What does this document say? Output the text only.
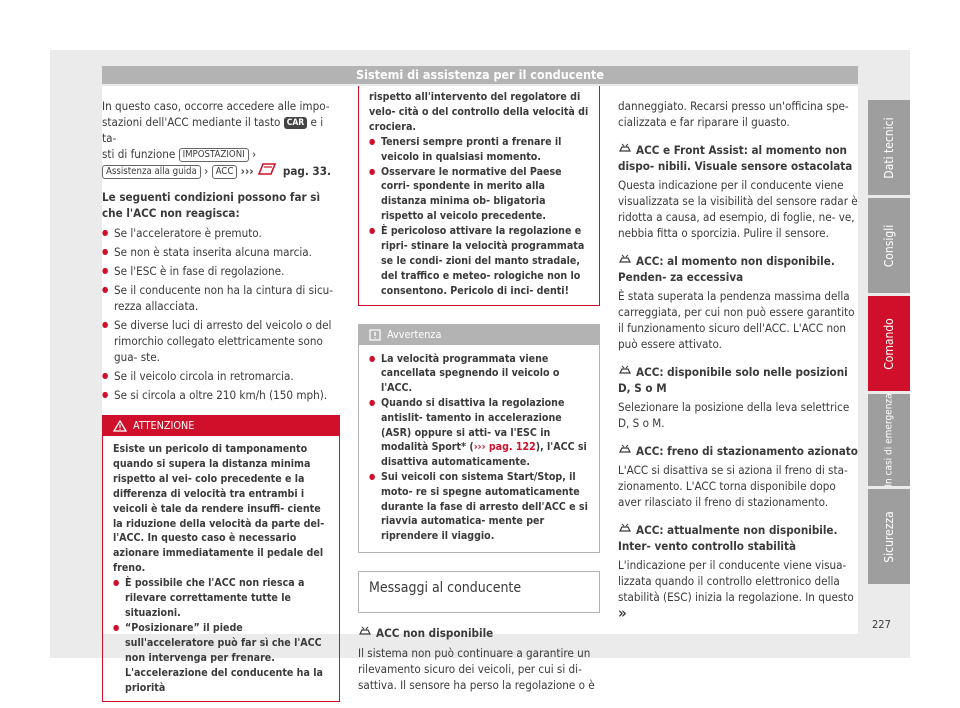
Sistemi di assistenza per il conducente

In questo caso, occorre accedere alle impo-
stazioni dell'ACC mediante il tasto CAR e i ta-
sti di funzione IMPOSTAZIONI ›
Assistenza alla guida › ACC ›››	pag. 33.

Le seguenti condizioni possono far sì che l'ACC non reagisca:

● Se l'acceleratore è premuto.

● Se non è stata inserita alcuna marcia.

● Se l'ESC è in fase di regolazione.

● Se il conducente non ha la cintura di sicu- rezza allacciata.

● Se diverse luci di arresto del veicolo o del rimorchio collegato elettricamente sono gua- ste.

● Se il veicolo circola in retromarcia.

● Se si circola a oltre 210 km/h (150 mph).

ATTENZIONE

Esiste un pericolo di tamponamento quando si supera la distanza minima rispetto al vei- colo precedente e la differenza di velocità tra entrambi i veicoli è tale da rendere insuffi- ciente la riduzione della velocità da parte del- l'ACC. In questo caso è necessario azionare immediatamente il pedale del freno.

● È possibile che l'ACC non riesca a rilevare correttamente tutte le situazioni.

● “Posizionare” il piede sull'acceleratore può far sì che l'ACC non intervenga per frenare. L'accelerazione del conducente ha la priorità

rispetto all'intervento del regolatore di velo- cità o del controllo della velocità di crociera.

● Tenersi sempre pronti a frenare il veicolo in qualsiasi momento.

● Osservare le normative del Paese corri- spondente in merito alla distanza minima ob- bligatoria rispetto al veicolo precedente.

● È pericoloso attivare la regolazione e ripri- stinare la velocità programmata se le condi- zioni del manto stradale, del traffico e meteo- rologiche non lo consentono. Pericolo di inci- denti!

Avvertenza

● La velocità programmata viene cancellata spegnendo il veicolo o l'ACC.

● Quando si disattiva la regolazione antislit- tamento in accelerazione (ASR) oppure si atti- va l'ESC in modalità Sport* (››› pag. 122), l'ACC si disattiva automaticamente.

● Sui veicoli con sistema Start/Stop, il moto- re si spegne automaticamente durante la fase di arresto dell'ACC e si riavvia automatica- mente per riprendere il viaggio.

Messaggi al conducente

ACC non disponibile

Il sistema non può continuare a garantire un rilevamento sicuro dei veicoli, per cui si di- sattiva. Il sensore ha perso la regolazione o è

danneggiato. Recarsi presso un'officina spe- cializzata e far riparare il guasto.

ACC e Front Assist: al momento non dispo- nibili. Visuale sensore ostacolata

Questa indicazione per il conducente viene visualizzata se la visibilità del sensore radar è ridotta a causa, ad esempio, di foglie, ne- ve, nebbia fitta o sporcizia. Pulire il sensore.

ACC: al momento non disponibile. Penden- za eccessiva

È stata superata la pendenza massima della carreggiata, per cui non può essere garantito il funzionamento sicuro dell'ACC. L'ACC non può essere attivato.

ACC: disponibile solo nelle posizioni D, S o M

Selezionare la posizione della leva selettrice D, S o M.

ACC: freno di stazionamento azionato

L'ACC si disattiva se si aziona il freno di sta- zionamento. L'ACC torna disponibile dopo aver rilasciato il freno di stazionamento.

ACC: attualmente non disponibile. Inter- vento controllo stabilità

L'indicazione per il conducente viene visua- lizzata quando il controllo elettronico della stabilità (ESC) inizia la regolazione. In questo »

Dati tecnici
Consigli
Comando
In casi di emergenza
Sicurezza
227
